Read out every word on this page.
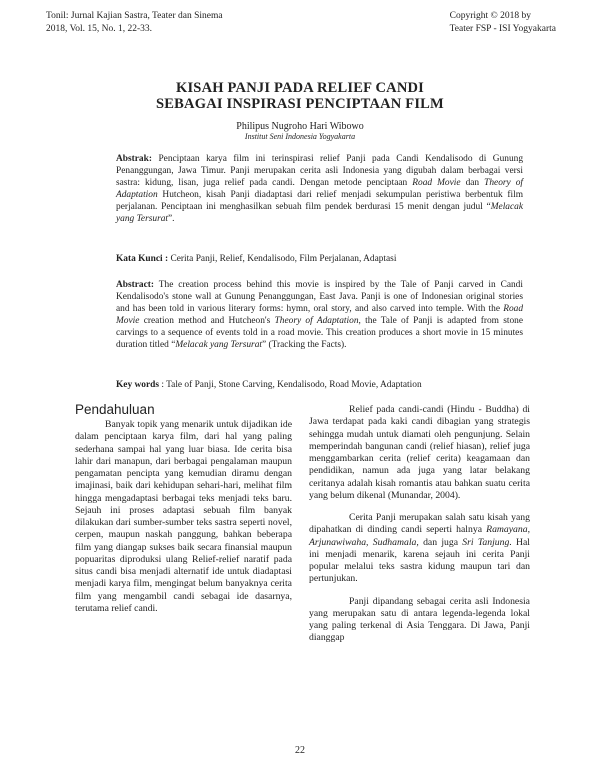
Tonil: Jurnal Kajian Sastra, Teater dan Sinema
2018, Vol. 15, No. 1, 22-33.
Copyright © 2018 by
Teater FSP - ISI Yogyakarta
KISAH PANJI PADA RELIEF CANDI
SEBAGAI INSPIRASI PENCIPTAAN FILM
Philipus Nugroho Hari Wibowo
Institut Seni Indonesia Yogyakarta
Abstrak: Penciptaan karya film ini terinspirasi relief Panji pada Candi Kendalisodo di Gunung Penanggungan, Jawa Timur. Panji merupakan cerita asli Indonesia yang digubah dalam berbagai versi sastra: kidung, lisan, juga relief pada candi. Dengan metode penciptaan Road Movie dan Theory of Adaptation Hutcheon, kisah Panji diadaptasi dari relief menjadi sekumpulan peristiwa berbentuk film perjalanan. Penciptaan ini menghasilkan sebuah film pendek berdurasi 15 menit dengan judul “Melacak yang Tersurat”.
Kata Kunci : Cerita Panji, Relief, Kendalisodo, Film Perjalanan, Adaptasi
Abstract: The creation process behind this movie is inspired by the Tale of Panji carved in Candi Kendalisodo's stone wall at Gunung Penanggungan, East Java. Panji is one of Indonesian original stories and has been told in various literary forms: hymn, oral story, and also carved into temple. With the Road Movie creation method and Hutcheon's Theory of Adaptation, the Tale of Panji is adapted from stone carvings to a sequence of events told in a road movie. This creation produces a short movie in 15 minutes duration titled “Melacak yang Tersurat” (Tracking the Facts).
Key words : Tale of Panji, Stone Carving, Kendalisodo, Road Movie, Adaptation
Pendahuluan

Banyak topik yang menarik untuk dijadikan ide dalam penciptaan karya film, dari hal yang paling sederhana sampai hal yang luar biasa. Ide cerita bisa lahir dari manapun, dari berbagai pengalaman maupun pengamatan pencipta yang kemudian diramu dengan imajinasi, baik dari kehidupan sehari-hari, melihat film hingga mengadaptasi berbagai teks menjadi teks baru. Sejauh ini proses adaptasi sebuah film banyak dilakukan dari sumber-sumber teks sastra seperti novel, cerpen, maupun naskah panggung, bahkan beberapa film yang diangap sukses baik secara finansial maupun popuaritas diproduksi ulang Relief-relief naratif pada situs candi bisa menjadi alternatif ide untuk diadaptasi menjadi karya film, mengingat belum banyaknya cerita film yang mengambil candi sebagai ide dasarnya, terutama relief candi.

Relief pada candi-candi (Hindu - Buddha) di Jawa terdapat pada kaki candi dibagian yang strategis sehingga mudah untuk diamati oleh pengunjung. Selain memperindah bangunan candi (relief hiasan), relief juga menggambarkan cerita (relief cerita) keagamaan dan pendidikan, namun ada juga yang latar belakang ceritanya adalah kisah romantis atau bahkan suatu cerita yang belum dikenal (Munandar, 2004).

Cerita Panji merupakan salah satu kisah yang dipahatkan di dinding candi seperti halnya Ramayana, Arjunawiwaha, Sudhamala, dan juga Sri Tanjung. Hal ini menjadi menarik, karena sejauh ini cerita Panji popular melalui teks sastra kidung maupun tari dan pertunjukan.

Panji dipandang sebagai cerita asli Indonesia yang merupakan satu di antara legenda-legenda lokal yang paling terkenal di Asia Tenggara. Di Jawa, Panji dianggap

22
